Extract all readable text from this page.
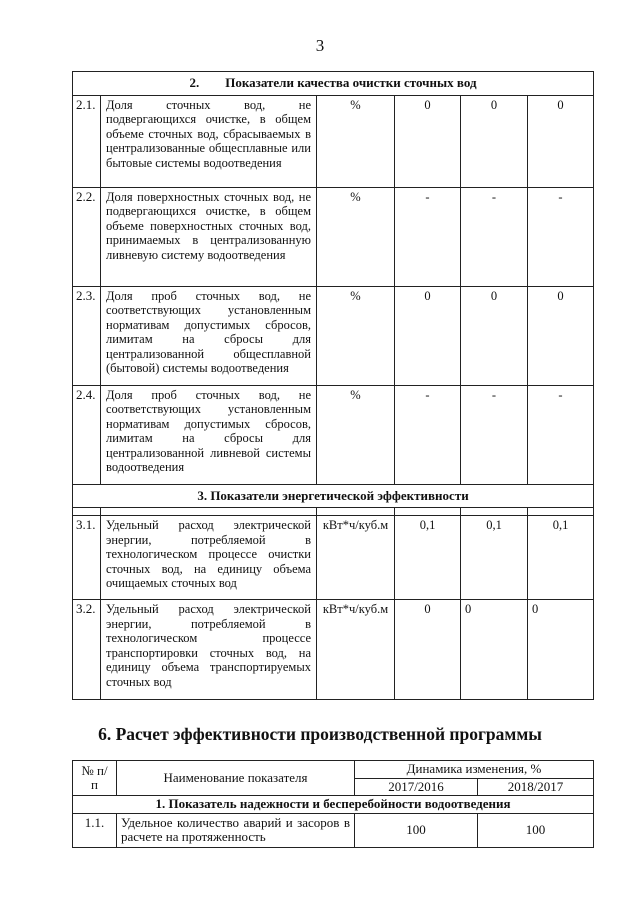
3
2.        Показатели качества очистки сточных вод					
2.1.	Доля сточных вод, не подвергающихся очистке, в общем объеме сточных вод, сбрасываемых в централизованные общесплавные или бытовые системы водоотведения	%	0	0	0
2.2.	Доля поверхностных сточных вод, не подвергающихся очистке, в общем объеме поверхностных сточных вод, принимаемых в централизованную ливневую систему водоотведения	%	-	-	-
2.3.	Доля проб сточных вод, не соответствующих установленным нормативам допустимых сбросов, лимитам на сбросы для централизованной общесплавной (бытовой) системы водоотведения	%	0	0	0
2.4.	Доля проб сточных вод, не соответствующих установленным нормативам допустимых сбросов, лимитам на сбросы для централизованной ливневой системы водоотведения	%	-	-	-
3. Показатели энергетической эффективности					

3.1.	Удельный расход электрической энергии, потребляемой в технологическом процессе очистки сточных вод, на единицу объема очищаемых сточных вод	кВт*ч/куб.м	0,1	0,1	0,1
3.2.	Удельный расход электрической энергии, потребляемой в технологическом процессе транспортировки сточных вод, на единицу объема транспортируемых сточных вод	кВт*ч/куб.м	0	0	0
6. Расчет эффективности производственной программы
№ п/п	Наименование показателя	Динамика изменения, %	
		2017/2016	2018/2017
1. Показатель надежности и бесперебойности водоотведения			
1.1.	Удельное количество аварий и засоров в расчете на протяженность	100	100
